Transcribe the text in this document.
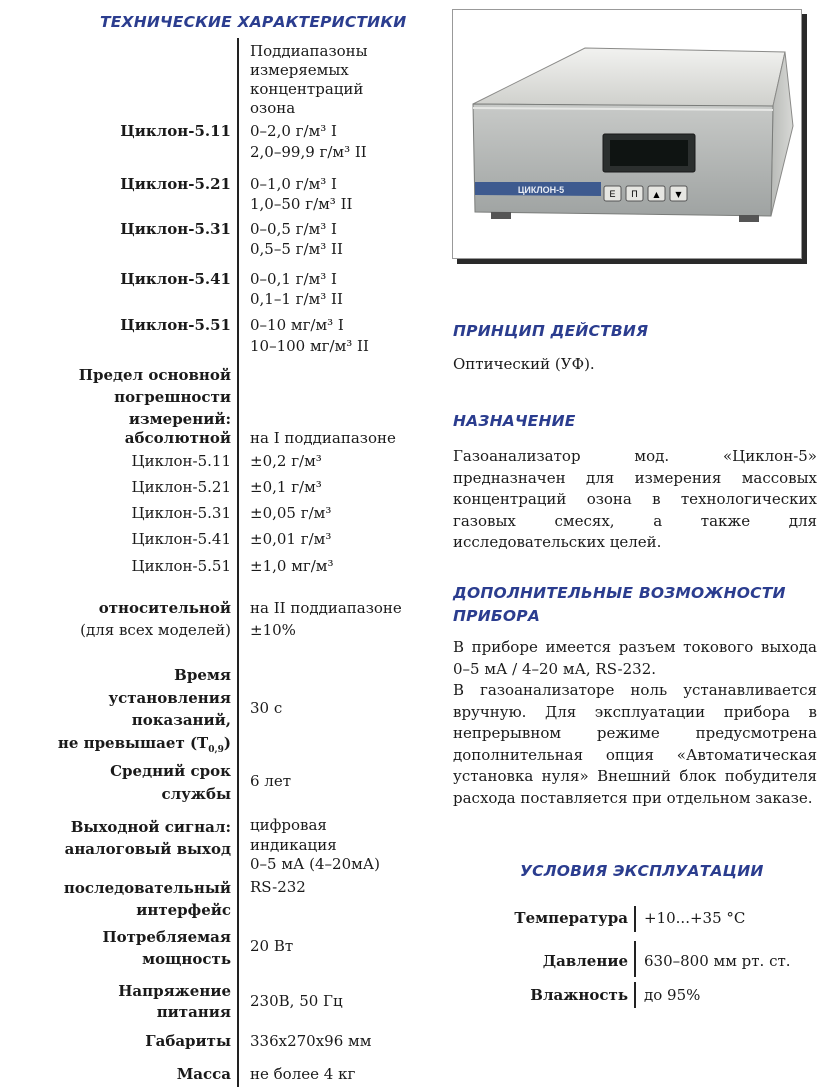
ТЕХНИЧЕСКИЕ ХАРАКТЕРИСТИКИ
Поддиапазоны
измеряемых
концентраций
озона
Циклон-5.11 0–2,0 г/м³ I
2,0–99,9 г/м³ II
Циклон-5.21 0–1,0 г/м³ I
1,0–50 г/м³ II
Циклон-5.31 0–0,5 г/м³ I
0,5–5 г/м³ II
Циклон-5.41 0–0,1 г/м³ I
0,1–1 г/м³ II
Циклон-5.51 0–10 мг/м³ I
10–100 мг/м³ II
Предел основной
погрешности
измерений:
абсолютной на I поддиапазоне
Циклон-5.11 ±0,2 г/м³
Циклон-5.21 ±0,1 г/м³
Циклон-5.31 ±0,05 г/м³
Циклон-5.41 ±0,01 г/м³
Циклон-5.51 ±1,0 мг/м³
относительной
(для всех моделей)
на II поддиапазоне
±10%
Время
установления
показаний,
не превышает $(T_{0,9})$
30 с
Средний срок
службы
6 лет
Выходной сигнал:
аналоговый выход
цифровая
индикация
0–5 мА (4–20мА)
последовательный
интерфейс
RS-232
Потребляемая
мощность
20 Вт
Напряжение
питания
230В, 50 Гц
Габариты 336х270х96 мм
Масса не более 4 кг
ЦИКЛОН-5	Е П ▲ ▼
ПРИНЦИП ДЕЙСТВИЯ
Оптический (УФ).
НАЗНАЧЕНИЕ
Газоанализатор мод. «Циклон-5» предназначен для измерения массовых концентраций озона в технологических газовых смесях, а также для исследовательских целей.
ДОПОЛНИТЕЛЬНЫЕ ВОЗМОЖНОСТИ ПРИБОРА
В приборе имеется разъем токового выхода 0–5 мА / 4–20 мА, RS-232.
В газоанализаторе ноль устанавливается вручную. Для эксплуатации прибора в непрерывном режиме предусмотрена дополнительная опция «Автоматическая установка нуля» Внешний блок побудителя расхода поставляется при отдельном заказе.
УСЛОВИЯ ЭКСПЛУАТАЦИИ
Температура +10...+35 °С
Давление 630–800 мм рт. ст.
Влажность до 95%
